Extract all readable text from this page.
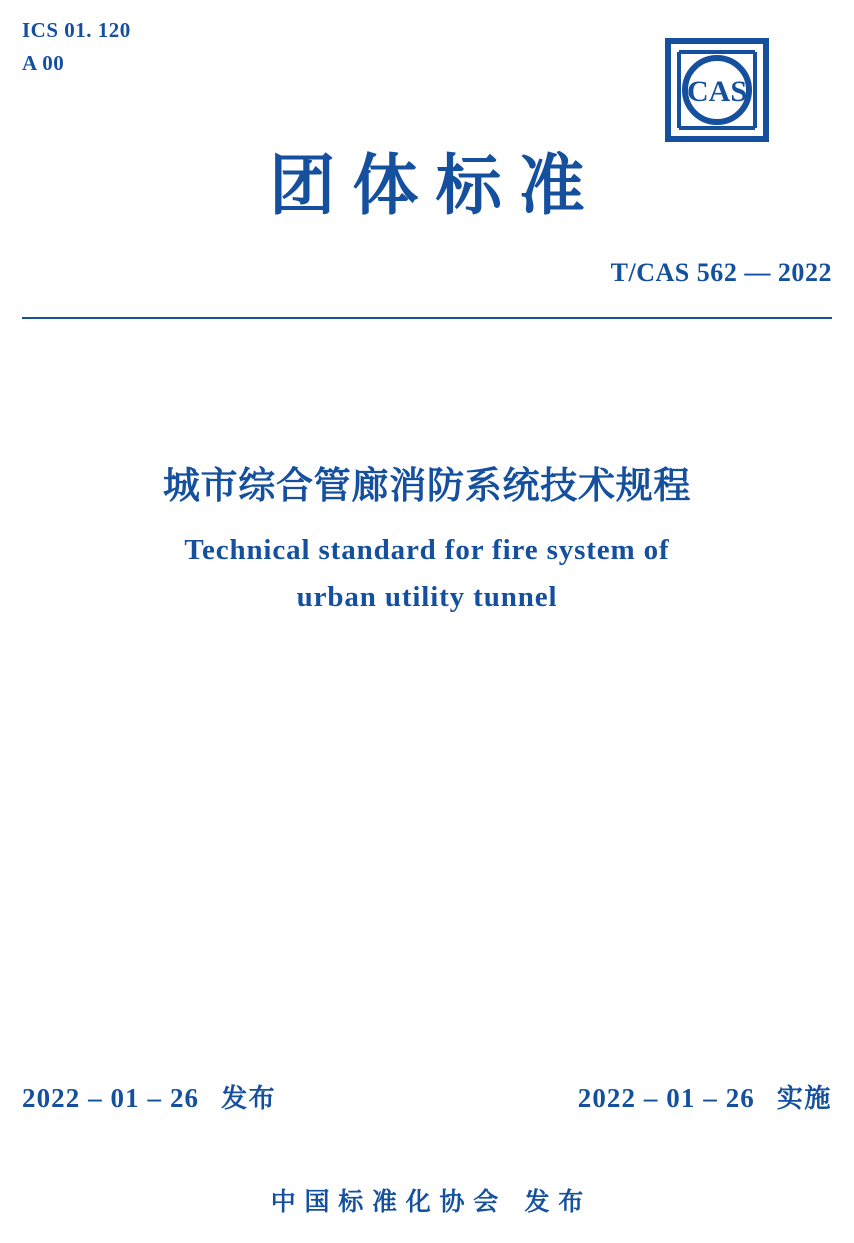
ICS 01. 120
A 00
CAS
团体标准
T/CAS 562 — 2022
城市综合管廊消防系统技术规程
Technical standard for fire system of
urban utility tunnel
2022 – 01 – 26 发布	2022 – 01 – 26 实施
中国标准化协会 发布
